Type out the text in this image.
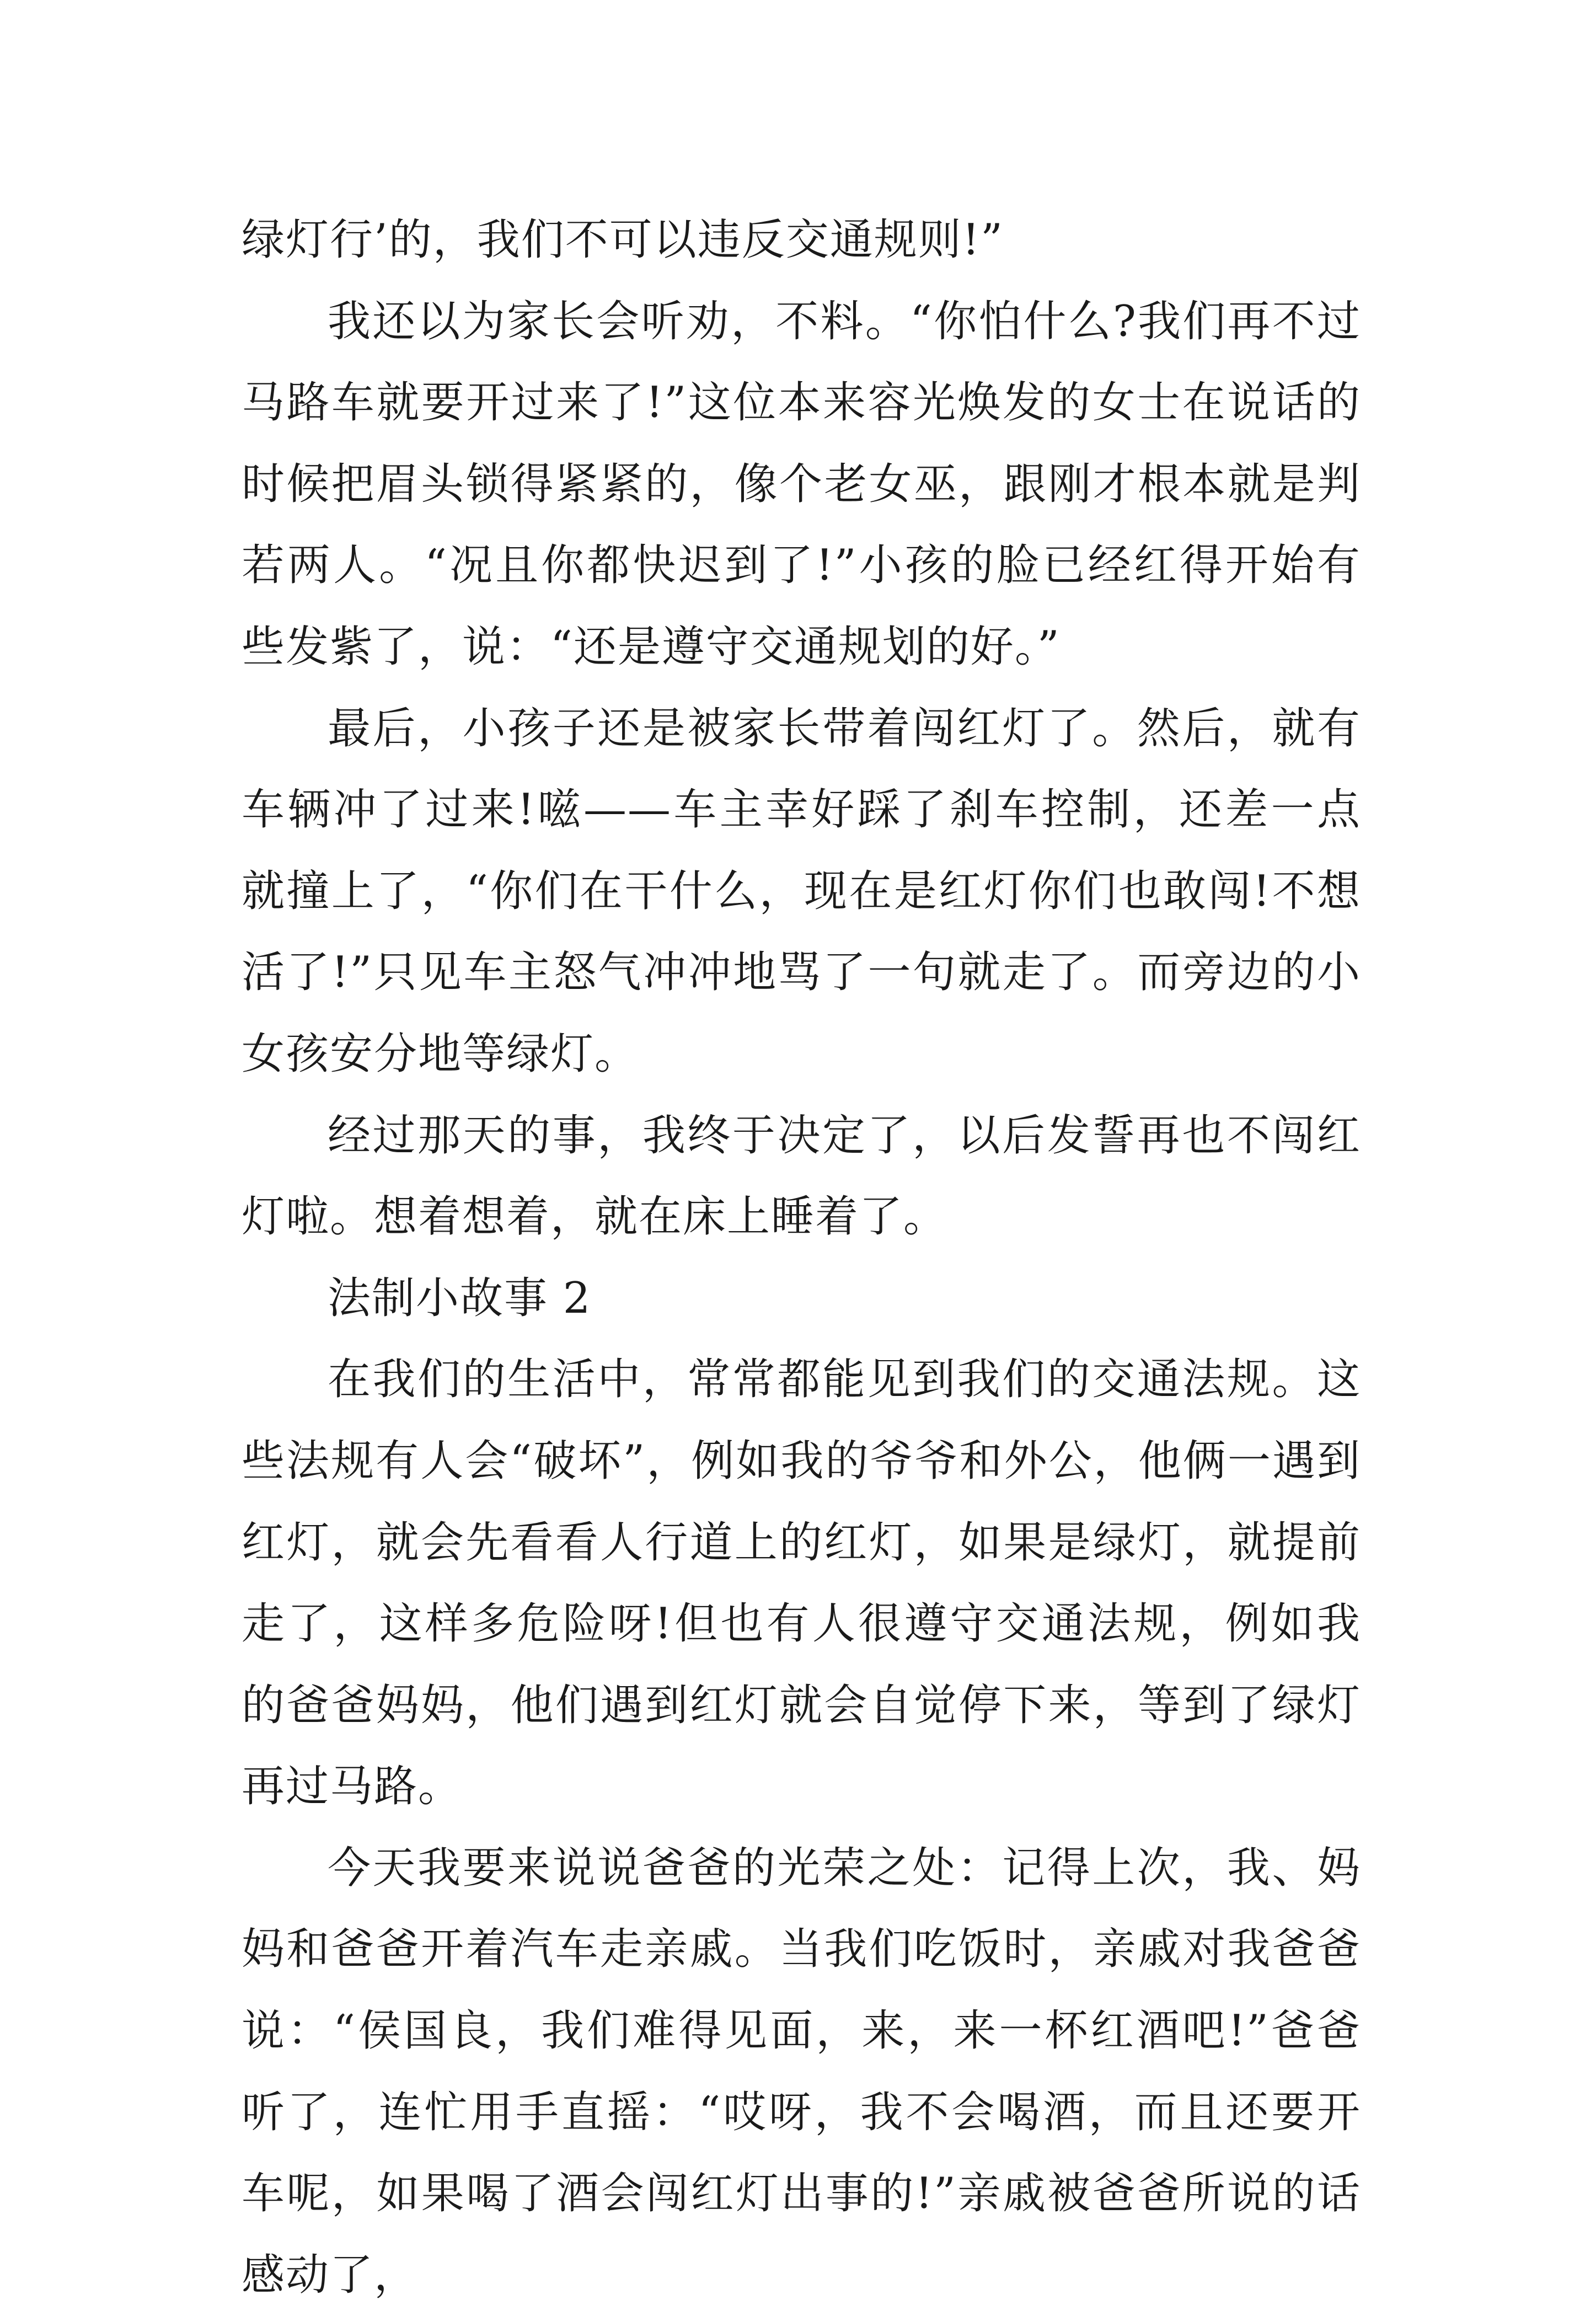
绿灯行’的，我们不可以违反交通规则!”

我还以为家长会听劝，不料。“你怕什么?我们再不过马路车就要开过来了!”这位本来容光焕发的女士在说话的时候把眉头锁得紧紧的，像个老女巫，跟刚才根本就是判若两人。“况且你都快迟到了!”小孩的脸已经红得开始有些发紫了，说：“还是遵守交通规划的好。”

最后，小孩子还是被家长带着闯红灯了。然后，就有车辆冲了过来!嗞——车主幸好踩了刹车控制，还差一点就撞上了，“你们在干什么，现在是红灯你们也敢闯!不想活了!”只见车主怒气冲冲地骂了一句就走了。而旁边的小女孩安分地等绿灯。

经过那天的事，我终于决定了，以后发誓再也不闯红灯啦。想着想着，就在床上睡着了。

法制小故事 2

在我们的生活中，常常都能见到我们的交通法规。这些法规有人会“破坏”，例如我的爷爷和外公，他俩一遇到红灯，就会先看看人行道上的红灯，如果是绿灯，就提前走了，这样多危险呀!但也有人很遵守交通法规，例如我的爸爸妈妈，他们遇到红灯就会自觉停下来，等到了绿灯再过马路。

今天我要来说说爸爸的光荣之处：记得上次，我、妈妈和爸爸开着汽车走亲戚。当我们吃饭时，亲戚对我爸爸说：“侯国良，我们难得见面，来，来一杯红酒吧!”爸爸听了，连忙用手直摇：“哎呀，我不会喝酒，而且还要开车呢，如果喝了酒会闯红灯出事的!”亲戚被爸爸所说的话感动了，
